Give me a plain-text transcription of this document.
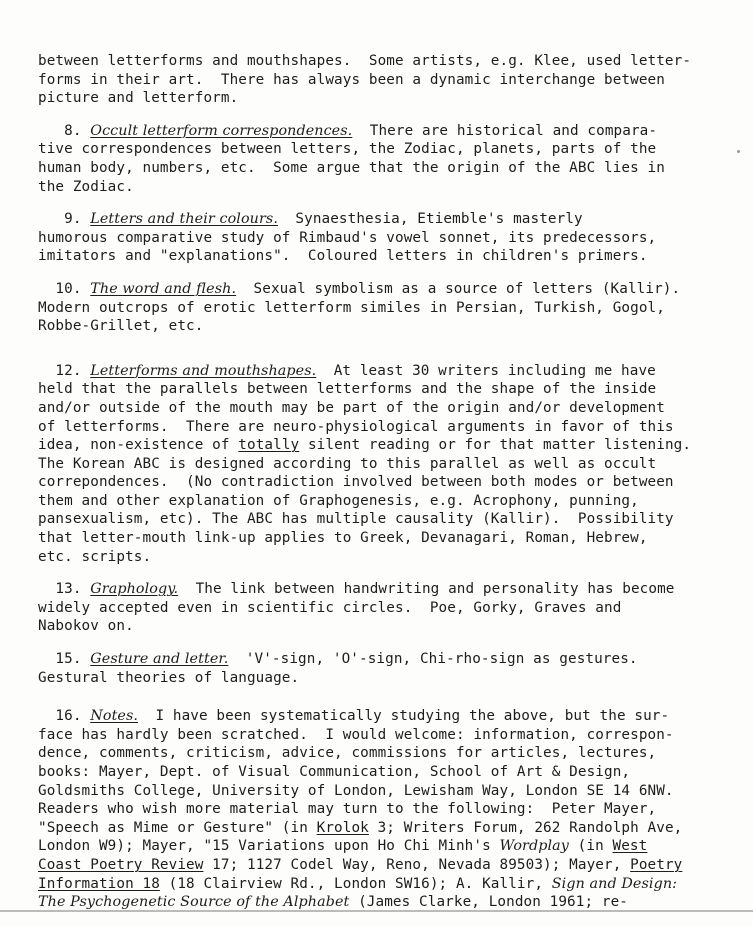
between letterforms and mouthshapes.  Some artists, e.g. Klee, used letter-
forms in their art.  There has always been a dynamic interchange between
picture and letterform.

8. Occult letterform correspondences.  There are historical and compara-
tive correspondences between letters, the Zodiac, planets, parts of the
human body, numbers, etc.  Some argue that the origin of the ABC lies in
the Zodiac.

9. Letters and their colours.  Synaesthesia, Etiemble's masterly
humorous comparative study of Rimbaud's vowel sonnet, its predecessors,
imitators and "explanations".  Coloured letters in children's primers.

10. The word and flesh.  Sexual symbolism as a source of letters (Kallir).
Modern outcrops of erotic letterform similes in Persian, Turkish, Gogol,
Robbe-Grillet, etc.

12. Letterforms and mouthshapes.  At least 30 writers including me have
held that the parallels between letterforms and the shape of the inside
and/or outside of the mouth may be part of the origin and/or development
of letterforms.  There are neuro-physiological arguments in favor of this
idea, non-existence of totally silent reading or for that matter listening.
The Korean ABC is designed according to this parallel as well as occult
correpondences.  (No contradiction involved between both modes or between
them and other explanation of Graphogenesis, e.g. Acrophony, punning,
pansexualism, etc). The ABC has multiple causality (Kallir).  Possibility
that letter-mouth link-up applies to Greek, Devanagari, Roman, Hebrew,
etc. scripts.

13. Graphology.  The link between handwriting and personality has become
widely accepted even in scientific circles.  Poe, Gorky, Graves and
Nabokov on.

15. Gesture and letter.  'V'-sign, 'O'-sign, Chi-rho-sign as gestures.
Gestural theories of language.

16. Notes.  I have been systematically studying the above, but the sur-
face has hardly been scratched.  I would welcome: information, correspon-
dence, comments, criticism, advice, commissions for articles, lectures,
books: Mayer, Dept. of Visual Communication, School of Art & Design,
Goldsmiths College, University of London, Lewisham Way, London SE 14 6NW.
Readers who wish more material may turn to the following:  Peter Mayer,
"Speech as Mime or Gesture" (in Krolok 3; Writers Forum, 262 Randolph Ave,
London W9); Mayer, "15 Variations upon Ho Chi Minh's Wordplay (in West
Coast Poetry Review 17; 1127 Codel Way, Reno, Nevada 89503); Mayer, Poetry
Information 18 (18 Clairview Rd., London SW16); A. Kallir, Sign and Design:
The Psychogenetic Source of the Alphabet (James Clarke, London 1961; re-
